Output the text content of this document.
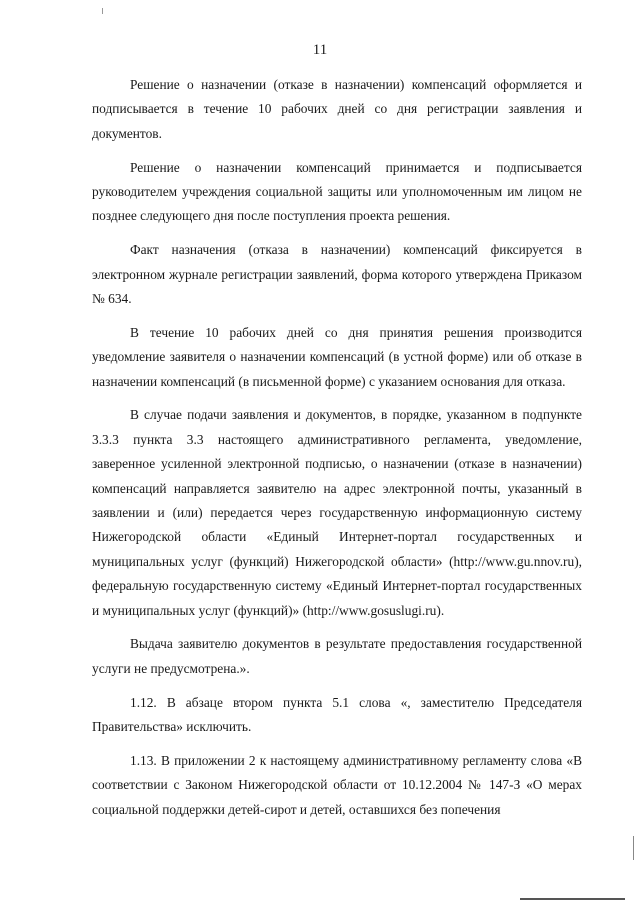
11

Решение о назначении (отказе в назначении) компенсаций оформляется и подписывается в течение 10 рабочих дней со дня регистрации заявления и документов.

Решение о назначении компенсаций принимается и подписывается руководителем учреждения социальной защиты или уполномоченным им лицом не позднее следующего дня после поступления проекта решения.

Факт назначения (отказа в назначении) компенсаций фиксируется в электронном журнале регистрации заявлений, форма которого утверждена Приказом № 634.

В течение 10 рабочих дней со дня принятия решения производится уведомление заявителя о назначении компенсаций (в устной форме) или об отказе в назначении компенсаций (в письменной форме) с указанием основания для отказа.

В случае подачи заявления и документов, в порядке, указанном в подпункте 3.3.3 пункта 3.3 настоящего административного регламента, уведомление, заверенное усиленной электронной подписью, о назначении (отказе в назначении) компенсаций направляется заявителю на адрес электронной почты, указанный в заявлении и (или) передается через государственную информационную систему Нижегородской области «Единый Интернет-портал государственных и муниципальных услуг (функций) Нижегородской области» (http://www.gu.nnov.ru), федеральную государственную систему «Единый Интернет-портал государственных и муниципальных услуг (функций)» (http://www.gosuslugi.ru).

Выдача заявителю документов в результате предоставления государственной услуги не предусмотрена.».

1.12. В абзаце втором пункта 5.1 слова «, заместителю Председателя Правительства» исключить.

1.13. В приложении 2 к настоящему административному регламенту слова «В соответствии с Законом Нижегородской области от 10.12.2004 № 147-З «О мерах социальной поддержки детей-сирот и детей, оставшихся без попечения
